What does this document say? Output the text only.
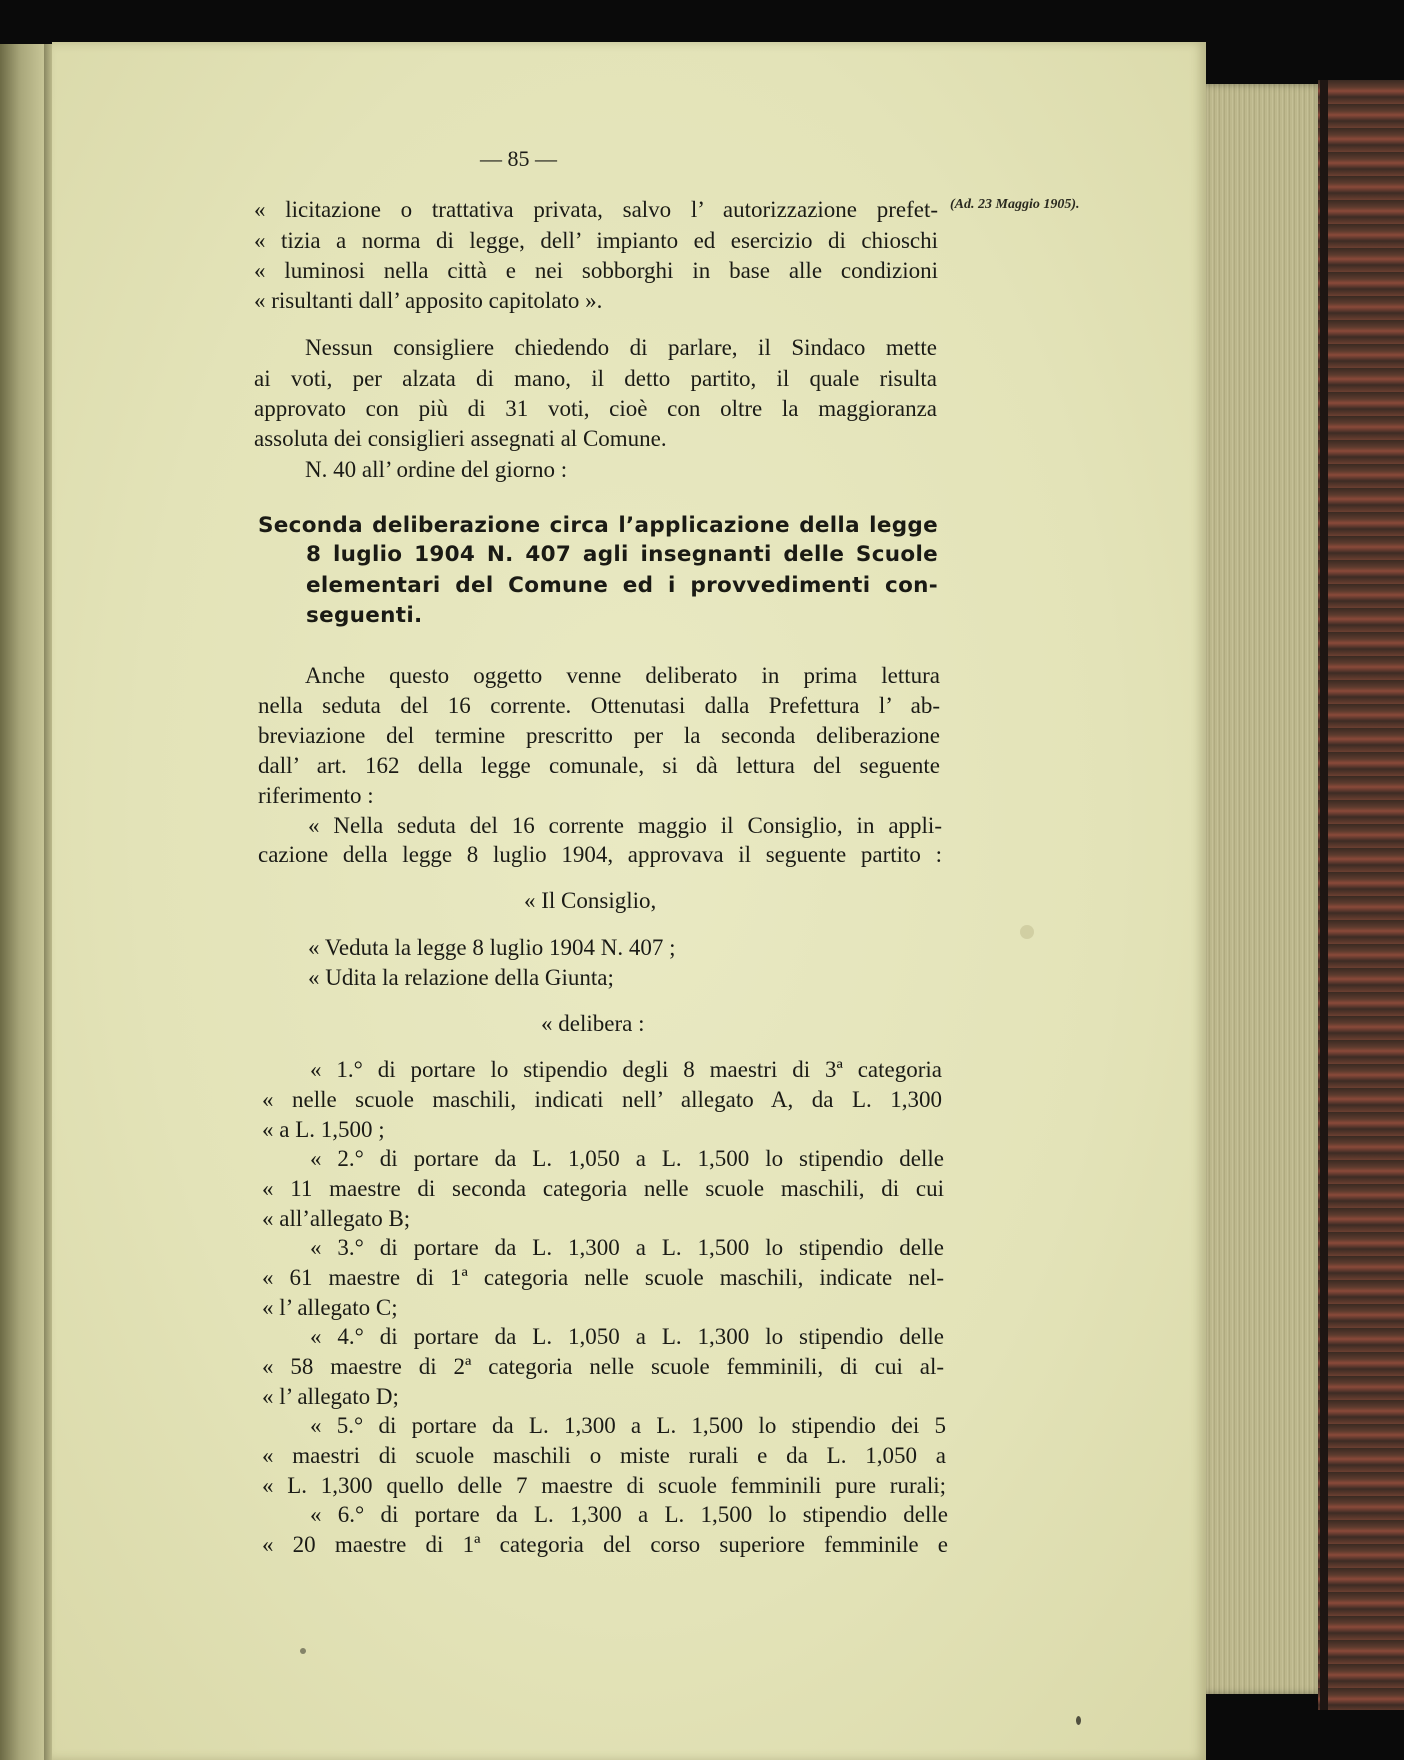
— 85 —
(Ad. 23 Maggio 1905).
« licitazione o trattativa privata, salvo l’ autorizzazione prefet-
« tizia a norma di legge, dell’ impianto ed esercizio di chioschi
« luminosi nella città e nei sobborghi in base alle condizioni
« risultanti dall’ apposito capitolato ».
Nessun consigliere chiedendo di parlare, il Sindaco mette
ai voti, per alzata di mano, il detto partito, il quale risulta
approvato con più di 31 voti, cioè con oltre la maggioranza
assoluta dei consiglieri assegnati al Comune.
N. 40 all’ ordine del giorno :
Seconda deliberazione circa l’applicazione della legge
8 luglio 1904 N. 407 agli insegnanti delle Scuole
elementari del Comune ed i provvedimenti con-
seguenti.
Anche questo oggetto venne deliberato in prima lettura
nella seduta del 16 corrente. Ottenutasi dalla Prefettura l’ ab-
breviazione del termine prescritto per la seconda deliberazione
dall’ art. 162 della legge comunale, si dà lettura del seguente
riferimento :
« Nella seduta del 16 corrente maggio il Consiglio, in appli-
cazione della legge 8 luglio 1904, approvava il seguente partito :
« Il Consiglio,
« Veduta la legge 8 luglio 1904 N. 407 ;
« Udita la relazione della Giunta;
« delibera :
« 1.° di portare lo stipendio degli 8 maestri di 3ª categoria
« nelle scuole maschili, indicati nell’ allegato A, da L. 1,300
« a L. 1,500 ;
« 2.° di portare da L. 1,050 a L. 1,500 lo stipendio delle
« 11 maestre di seconda categoria nelle scuole maschili, di cui
« all’allegato B;
« 3.° di portare da L. 1,300 a L. 1,500 lo stipendio delle
« 61 maestre di 1ª categoria nelle scuole maschili, indicate nel-
« l’ allegato C;
« 4.° di portare da L. 1,050 a L. 1,300 lo stipendio delle
« 58 maestre di 2ª categoria nelle scuole femminili, di cui al-
« l’ allegato D;
« 5.° di portare da L. 1,300 a L. 1,500 lo stipendio dei 5
« maestri di scuole maschili o miste rurali e da L. 1,050 a
« L. 1,300 quello delle 7 maestre di scuole femminili pure rurali;
« 6.° di portare da L. 1,300 a L. 1,500 lo stipendio delle
« 20 maestre di 1ª categoria del corso superiore femminile e
